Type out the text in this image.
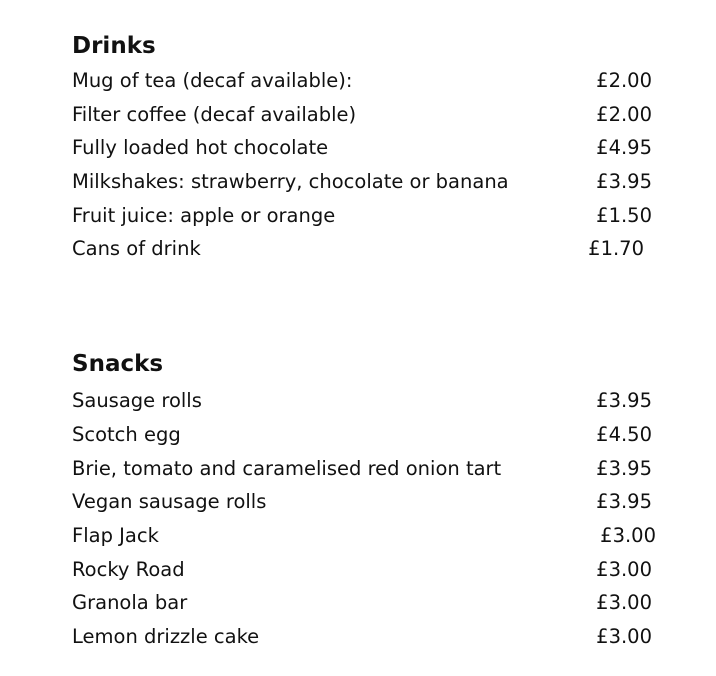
Drinks
Mug of tea (decaf available):	£2.00
Filter coffee (decaf available)	£2.00
Fully loaded hot chocolate	£4.95
Milkshakes: strawberry, chocolate or banana	£3.95
Fruit juice: apple or orange	£1.50
Cans of drink	£1.70
Snacks
Sausage rolls	£3.95
Scotch egg	£4.50
Brie, tomato and caramelised red onion tart	£3.95
Vegan sausage rolls	£3.95
Flap Jack	£3.00
Rocky Road	£3.00
Granola bar	£3.00
Lemon drizzle cake	£3.00
